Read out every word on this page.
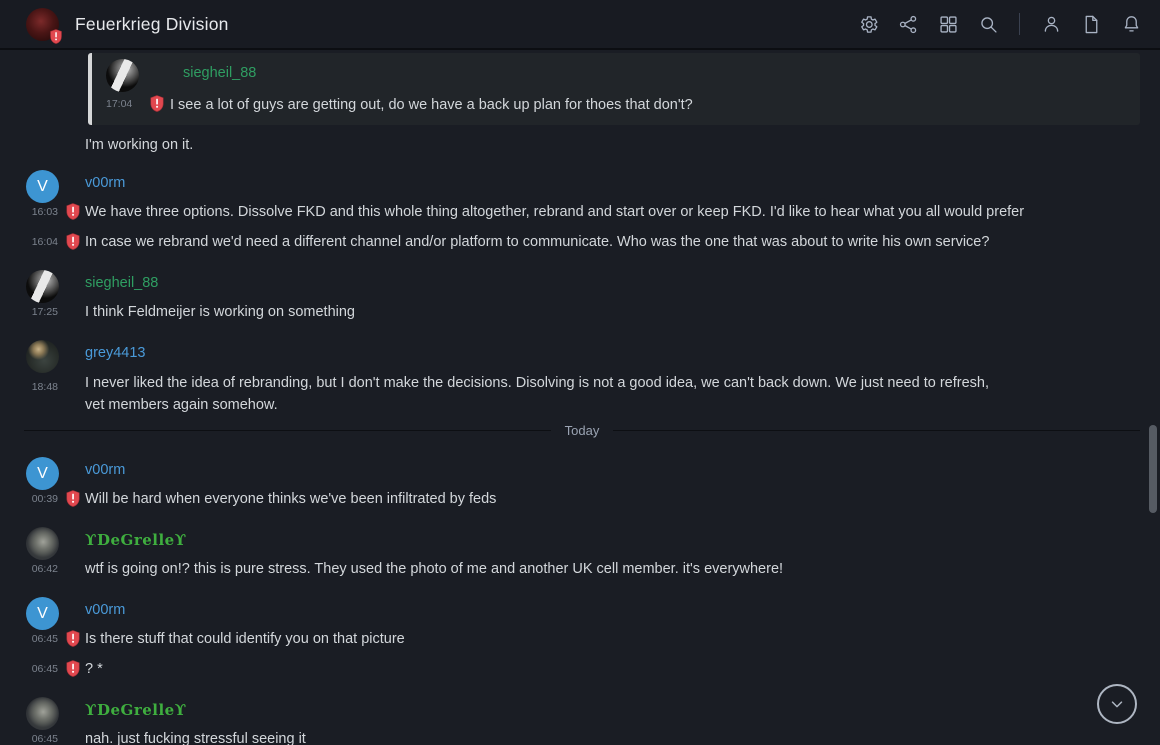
Feuerkrieg Division
siegheil_88
17:04	I see a lot of guys are getting out, do we have a back up plan for thoes that don't?
I'm working on it.
V	v00rm
16:03 We have three options. Dissolve FKD and this whole thing altogether, rebrand and start over or keep FKD. I'd like to hear what you all would prefer
16:04 In case we rebrand we'd need a different channel and/or platform to communicate. Who was the one that was about to write his own service?
siegheil_88
17:25 I think Feldmeijer is working on something
grey4413
18:48 I never liked the idea of rebranding, but I don't make the decisions. Disolving is not a good idea, we can't back down. We just need to refresh, vet members again somehow.
Today
V	v00rm
00:39 Will be hard when everyone thinks we've been infiltrated by feds
ϒDeGrelleϒ
06:42 wtf is going on!? this is pure stress. They used the photo of me and another UK cell member. it's everywhere!
V	v00rm
06:45 Is there stuff that could identify you on that picture
06:45 ? *
ϒDeGrelleϒ
06:45 nah. just fucking stressful seeing it
